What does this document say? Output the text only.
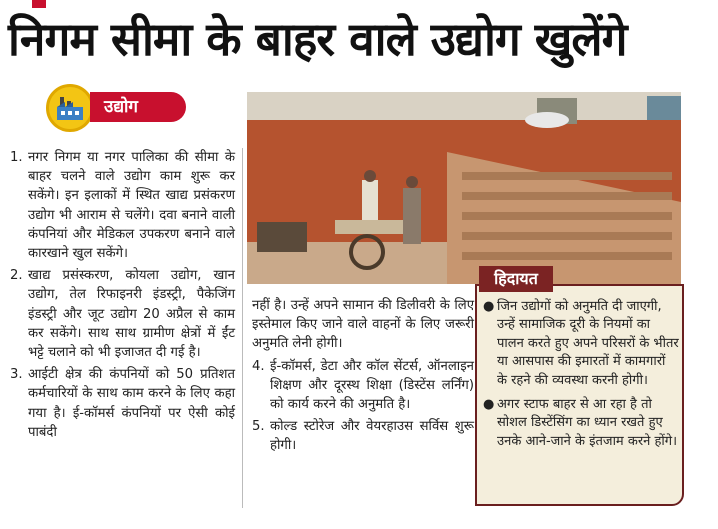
निगम सीमा के बाहर वाले उद्योग खुलेंगे
उद्योग

1. नगर निगम या नगर पालिका की सीमा के बाहर चलने वाले उद्योग काम शुरू कर सकेंगे। इन इलाकों में स्थित खाद्य प्रसंकरण उद्योग भी आराम से चलेंगे। दवा बनाने वाली कंपनियां और मेडिकल उपकरण बनाने वाले कारखाने खुल सकेंगे।

2. खाद्य प्रसंस्करण, कोयला उद्योग, खान उद्योग, तेल रिफाइनरी इंडस्ट्री, पैकेजिंग इंडस्ट्री और जूट उद्योग 20 अप्रैल से काम कर सकेंगे। साथ साथ ग्रामीण क्षेत्रों में ईंट भट्टे चलाने को भी इजाजत दी गई है।

3. आईटी क्षेत्र की कंपनियों को 50 प्रतिशत कर्मचारियों के साथ काम करने के लिए कहा गया है। ई-कॉमर्स कंपनियों पर ऐसी कोई पाबंदी

नहीं है। उन्हें अपने सामान की डिलीवरी के लिए इस्तेमाल किए जाने वाले वाहनों के लिए जरूरी अनुमति लेनी होगी।

4. ई-कॉमर्स, डेटा और कॉल सेंटर्स, ऑनलाइन शिक्षण और दूरस्थ शिक्षा (डिस्टेंस लर्निंग) को कार्य करने की अनुमति है।

5. कोल्ड स्टोरेज और वेयरहाउस सर्विस शुरू होगी।

हिदायत

● जिन उद्योगों को अनुमति दी जाएगी, उन्हें सामाजिक दूरी के नियमों का पालन करते हुए अपने परिसरों के भीतर या आसपास की इमारतों में कामगारों के रहने की व्यवस्था करनी होगी।

● अगर स्टाफ बाहर से आ रहा है तो सोशल डिस्टेंसिंग का ध्यान रखते हुए उनके आने-जाने के इंतजाम करने होंगे।
